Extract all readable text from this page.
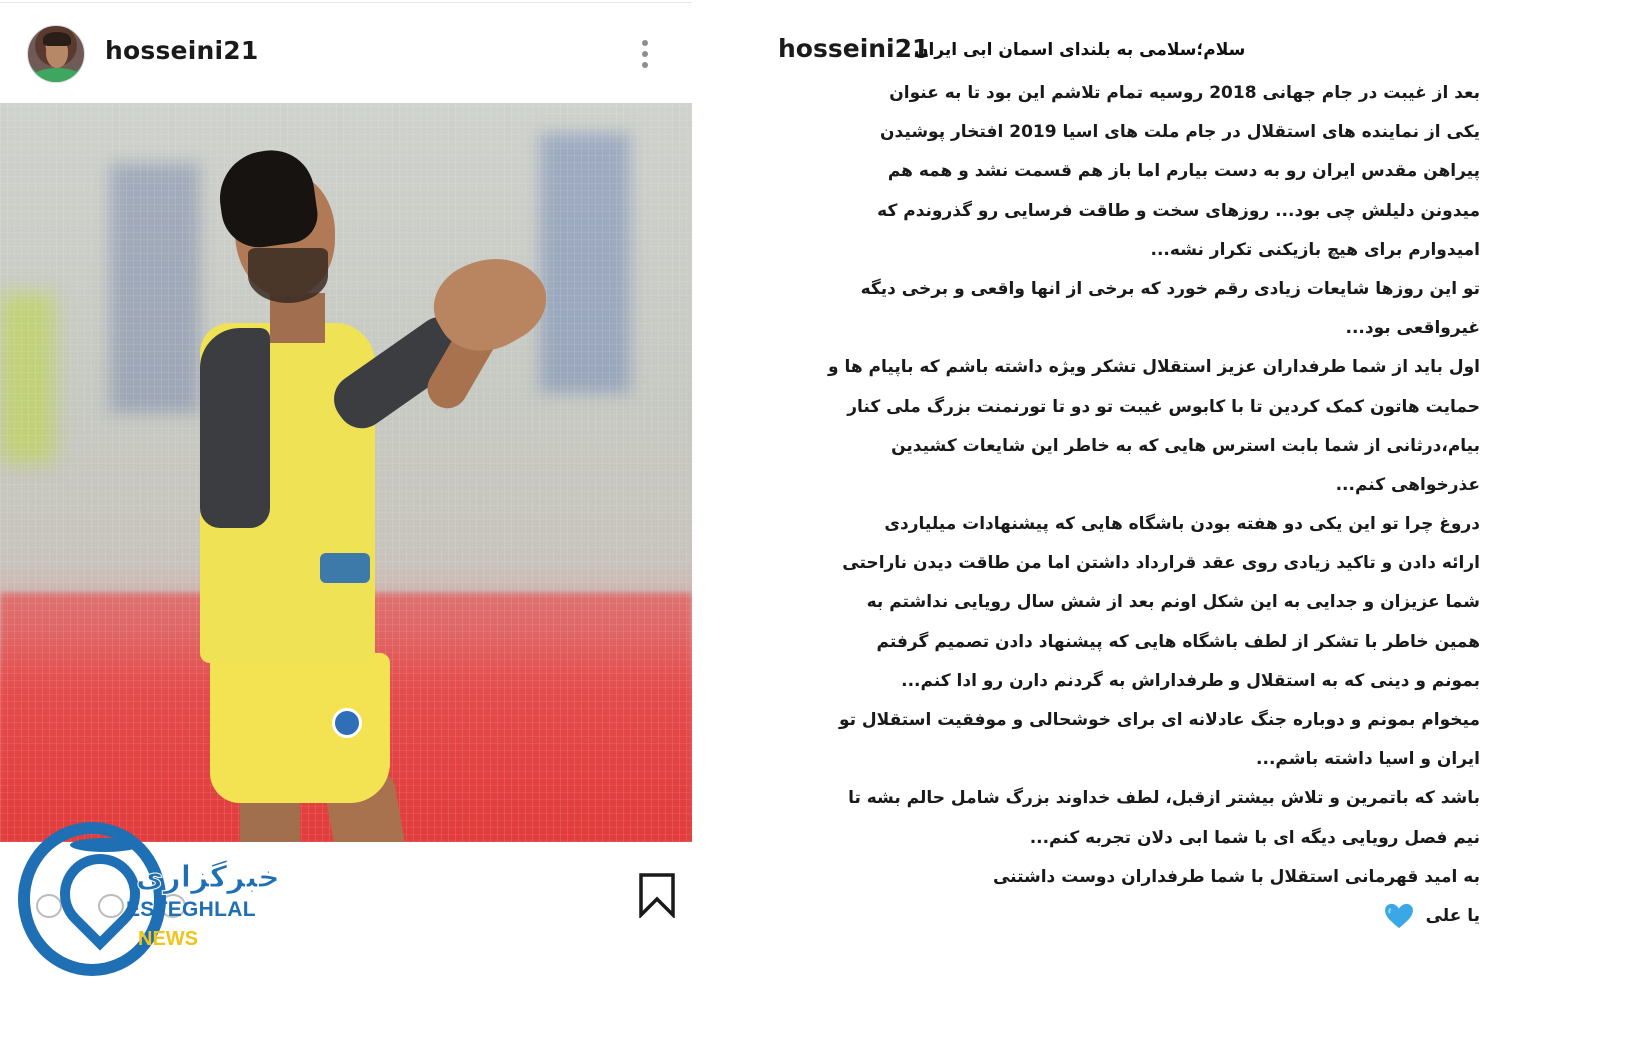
hosseini21
خبرگزاری
ESTEGHLAL
NEWS
hosseini21
سلام؛سلامی به بلندای اسمان ابی ایران
بعد از غیبت در جام جهانی 2018 روسیه تمام تلاشم این بود تا به عنوان
یکی از نماینده های استقلال در جام ملت های اسیا 2019 افتخار پوشیدن
پیراهن مقدس ایران رو به دست بیارم اما باز هم قسمت نشد و همه هم
میدونن دلیلش چی بود... روزهای سخت و طاقت فرسایی رو گذروندم که
امیدوارم برای هیچ بازیکنی تکرار نشه...
تو این روزها شایعات زیادی رقم خورد که برخی از انها واقعی و برخی دیگه
غیرواقعی بود...
اول باید از شما طرفداران عزیز استقلال تشکر ویژه داشته باشم که باپیام ها و
حمایت هاتون کمک کردین تا با کابوس غیبت تو دو تا تورنمنت بزرگ ملی کنار
بیام،درثانی از شما بابت استرس هایی که به خاطر این شایعات کشیدین
عذرخواهی کنم...
دروغ چرا تو این یکی دو هفته بودن باشگاه هایی که پیشنهادات میلیاردی
ارائه دادن و تاکید زیادی روی عقد قرارداد داشتن اما من طاقت دیدن ناراحتی
شما عزیزان و جدایی به این شکل اونم بعد از شش سال رویایی نداشتم به
همین خاطر با تشکر از لطف باشگاه هایی که پیشنهاد دادن تصمیم گرفتم
بمونم و دینی که به استقلال و طرفداراش به گردنم دارن رو ادا کنم...
میخوام بمونم و دوباره جنگ عادلانه ای برای خوشحالی و موفقیت استقلال تو
ایران و اسیا داشته باشم...
باشد که باتمرین و تلاش بیشتر ازقبل، لطف خداوند بزرگ شامل حالم بشه تا
نیم فصل رویایی دیگه ای با شما ابی دلان تجربه کنم...
به امید قهرمانی استقلال با شما طرفداران دوست داشتنی
یا علی
